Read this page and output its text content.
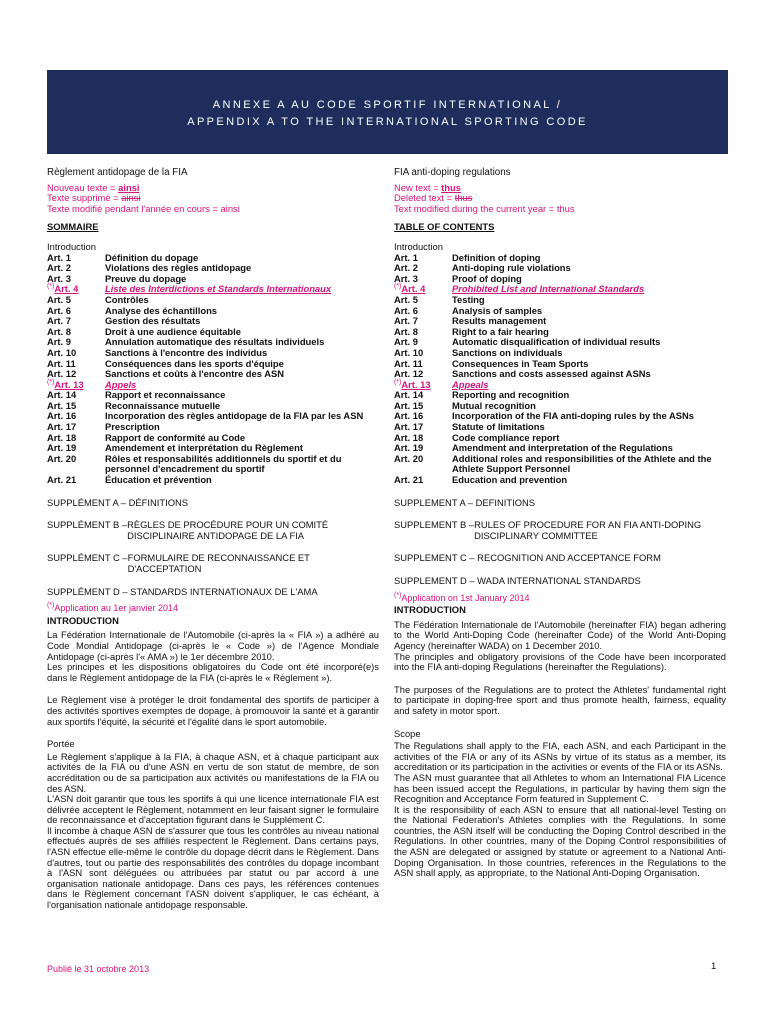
ANNEXE A AU CODE SPORTIF INTERNATIONAL /
APPENDIX A TO THE INTERNATIONAL SPORTING CODE
Règlement antidopage de la FIA
Nouveau texte = ainsi
Texte supprimé = ainsi
Texte modifié pendant l'année en cours = ainsi
SOMMAIRE
Introduction
Art. 1	Définition du dopage
Art. 2	Violations des règles antidopage
Art. 3	Preuve du dopage
(*)Art. 4	Liste des Interdictions et Standards Internationaux
Art. 5	Contrôles
Art. 6	Analyse des échantillons
Art. 7	Gestion des résultats
Art. 8	Droit à une audience équitable
Art. 9	Annulation automatique des résultats individuels
Art. 10	Sanctions à l'encontre des individus
Art. 11	Conséquences dans les sports d'équipe
Art. 12	Sanctions et coûts à l'encontre des ASN
(*)Art. 13	Appels
Art. 14	Rapport et reconnaissance
Art. 15	Reconnaissance mutuelle
Art. 16	Incorporation des règles antidopage de la FIA par les ASN
Art. 17	Prescription
Art. 18	Rapport de conformité au Code
Art. 19	Amendement et interprétation du Règlement
Art. 20	Rôles et responsabilités additionnels du sportif et du personnel d'encadrement du sportif
Art. 21	Éducation et prévention
SUPPLÉMENT A – DÉFINITIONS
SUPPLÉMENT B – RÈGLES DE PROCÉDURE POUR UN COMITÉ DISCIPLINAIRE ANTIDOPAGE DE LA FIA
SUPPLÉMENT C – FORMULAIRE DE RECONNAISSANCE ET D'ACCEPTATION
SUPPLÉMENT D – STANDARDS INTERNATIONAUX DE L'AMA
(*)Application au 1er janvier 2014
INTRODUCTION

La Fédération Internationale de l'Automobile (ci-après la « FIA ») a adhéré au Code Mondial Antidopage (ci-après le « Code ») de l'Agence Mondiale Antidopage (ci-après l'« AMA ») le 1er décembre 2010.

Les principes et les dispositions obligatoires du Code ont été incorporé(e)s dans le Règlement antidopage de la FIA (ci-après le « Règlement »).

Le Règlement vise à protéger le droit fondamental des sportifs de participer à des activités sportives exemptes de dopage, à promouvoir la santé et à garantir aux sportifs l'équité, la sécurité et l'égalité dans le sport automobile.

Portée

Le Règlement s'applique à la FIA, à chaque ASN, et à chaque participant aux activités de la FIA ou d'une ASN en vertu de son statut de membre, de son accréditation ou de sa participation aux activités ou manifestations de la FIA ou des ASN.

L'ASN doit garantir que tous les sportifs à qui une licence internationale FIA est délivrée acceptent le Règlement, notamment en leur faisant signer le formulaire de reconnaissance et d'acceptation figurant dans le Supplément C.

Il incombe à chaque ASN de s'assurer que tous les contrôles au niveau national effectués auprès de ses affiliés respectent le Règlement. Dans certains pays, l'ASN effectue elle-même le contrôle du dopage décrit dans le Règlement. Dans d'autres, tout ou partie des responsabilités des contrôles du dopage incombant à l'ASN sont déléguées ou attribuées par statut ou par accord à une organisation nationale antidopage. Dans ces pays, les références contenues dans le Règlement concernant l'ASN doivent s'appliquer, le cas échéant, à l'organisation nationale antidopage responsable.

FIA anti-doping regulations
New text = thus
Deleted text = thus
Text modified during the current year = thus
TABLE OF CONTENTS
Introduction
Art. 1	Definition of doping
Art. 2	Anti-doping rule violations
Art. 3	Proof of doping
(*)Art. 4	Prohibited List and International Standards
Art. 5	Testing
Art. 6	Analysis of samples
Art. 7	Results management
Art. 8	Right to a fair hearing
Art. 9	Automatic disqualification of individual results
Art. 10	Sanctions on individuals
Art. 11	Consequences in Team Sports
Art. 12	Sanctions and costs assessed against ASNs
(*)Art. 13	Appeals
Art. 14	Reporting and recognition
Art. 15	Mutual recognition
Art. 16	Incorporation of the FIA anti-doping rules by the ASNs
Art. 17	Statute of limitations
Art. 18	Code compliance report
Art. 19	Amendment and interpretation of the Regulations
Art. 20	Additional roles and responsibilities of the Athlete and the Athlete Support Personnel
Art. 21	Education and prevention
SUPPLEMENT A – DEFINITIONS
SUPPLEMENT B – RULES OF PROCEDURE FOR AN FIA ANTI-DOPING DISCIPLINARY COMMITTEE
SUPPLEMENT C – RECOGNITION AND ACCEPTANCE FORM
SUPPLEMENT D – WADA INTERNATIONAL STANDARDS
(*)Application on 1st January 2014
INTRODUCTION

The Fédération Internationale de l'Automobile (hereinafter FIA) began adhering to the World Anti-Doping Code (hereinafter Code) of the World Anti-Doping Agency (hereinafter WADA) on 1 December 2010.

The principles and obligatory provisions of the Code have been incorporated into the FIA anti-doping Regulations (hereinafter the Regulations).

The purposes of the Regulations are to protect the Athletes' fundamental right to participate in doping-free sport and thus promote health, fairness, equality and safety in motor sport.

Scope

The Regulations shall apply to the FIA, each ASN, and each Participant in the activities of the FIA or any of its ASNs by virtue of its status as a member, its accreditation or its participation in the activities or events of the FIA or its ASNs.

The ASN must guarantee that all Athletes to whom an International FIA Licence has been issued accept the Regulations, in particular by having them sign the Recognition and Acceptance Form featured in Supplement C.

It is the responsibility of each ASN to ensure that all national-level Testing on the National Federation's Athletes complies with the Regulations. In some countries, the ASN itself will be conducting the Doping Control described in the Regulations. In other countries, many of the Doping Control responsibilities of the ASN are delegated or assigned by statute or agreement to a National Anti-Doping Organisation. In those countries, references in the Regulations to the ASN shall apply, as appropriate, to the National Anti-Doping Organisation.

Publié le 31 octobre 2013	1
